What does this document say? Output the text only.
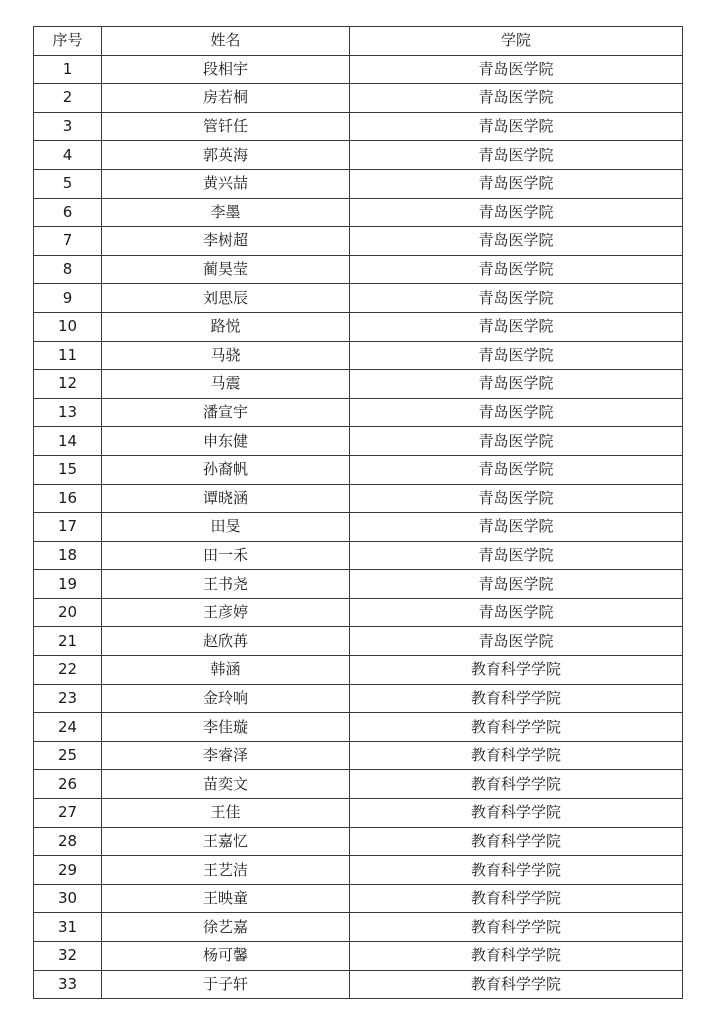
序号	姓名	学院
1	段相宇	青岛医学院
2	房若桐	青岛医学院
3	管钎任	青岛医学院
4	郭英海	青岛医学院
5	黄兴喆	青岛医学院
6	李墨	青岛医学院
7	李树超	青岛医学院
8	蔺昊莹	青岛医学院
9	刘思辰	青岛医学院
10	路悦	青岛医学院
11	马骁	青岛医学院
12	马震	青岛医学院
13	潘宣宇	青岛医学院
14	申东健	青岛医学院
15	孙裔帆	青岛医学院
16	谭晓涵	青岛医学院
17	田旻	青岛医学院
18	田一禾	青岛医学院
19	王书尧	青岛医学院
20	王彦婷	青岛医学院
21	赵欣苒	青岛医学院
22	韩涵	教育科学学院
23	金玲响	教育科学学院
24	李佳璇	教育科学学院
25	李睿泽	教育科学学院
26	苗奕文	教育科学学院
27	王佳	教育科学学院
28	王嘉忆	教育科学学院
29	王艺洁	教育科学学院
30	王映童	教育科学学院
31	徐艺嘉	教育科学学院
32	杨可馨	教育科学学院
33	于子轩	教育科学学院
